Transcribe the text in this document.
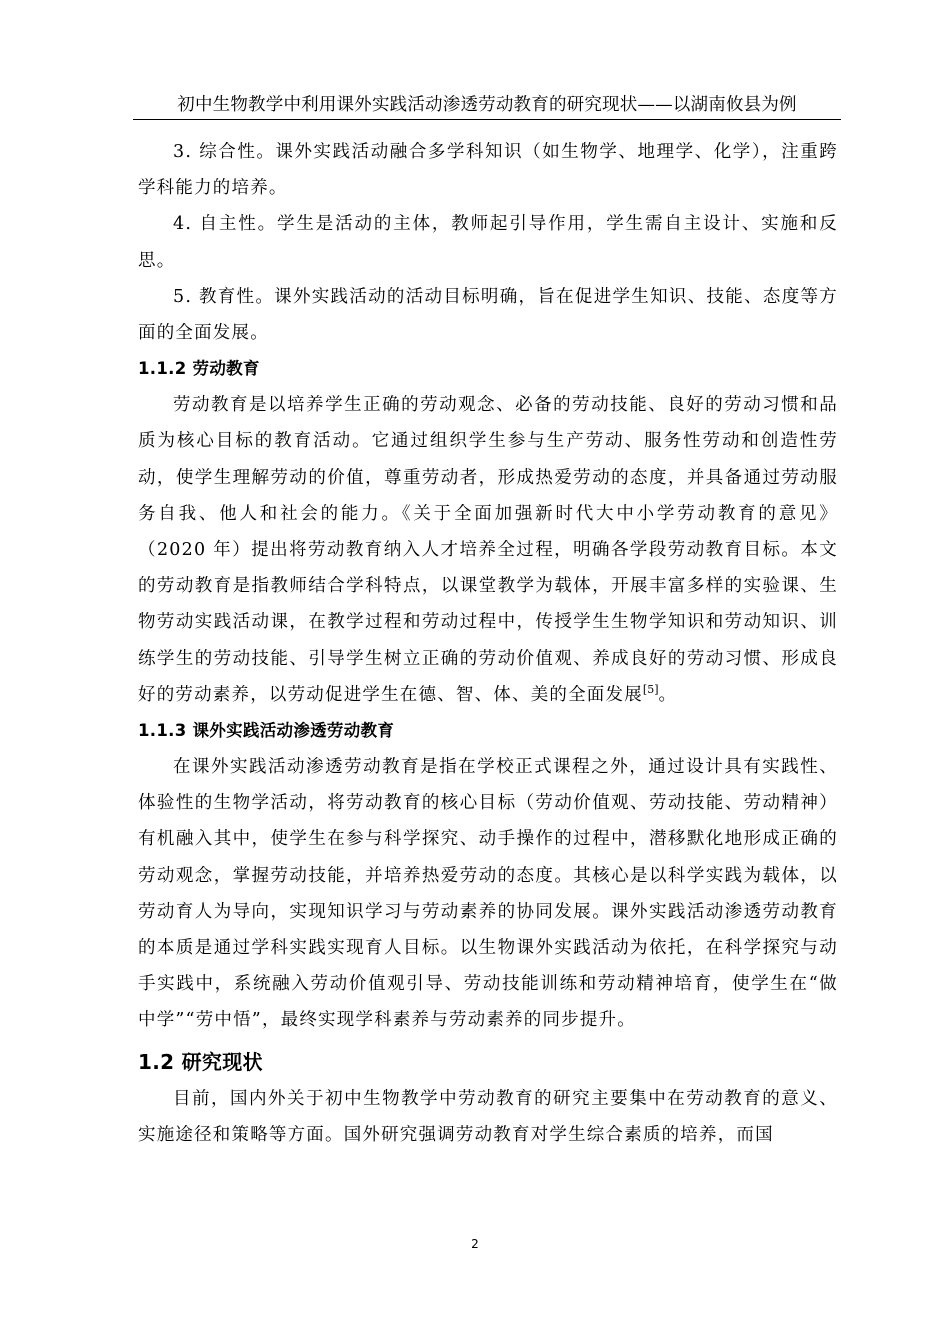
初中生物教学中利用课外实践活动渗透劳动教育的研究现状——以湖南攸县为例

3. 综合性。课外实践活动融合多学科知识（如生物学、地理学、化学），注重跨学科能力的培养。

4. 自主性。学生是活动的主体，教师起引导作用，学生需自主设计、实施和反思。

5. 教育性。课外实践活动的活动目标明确，旨在促进学生知识、技能、态度等方面的全面发展。

1.1.2 劳动教育

劳动教育是以培养学生正确的劳动观念、必备的劳动技能、良好的劳动习惯和品质为核心目标的教育活动。它通过组织学生参与生产劳动、服务性劳动和创造性劳动，使学生理解劳动的价值，尊重劳动者，形成热爱劳动的态度，并具备通过劳动服务自我、他人和社会的能力。《关于全面加强新时代大中小学劳动教育的意见》（2020 年）提出将劳动教育纳入人才培养全过程，明确各学段劳动教育目标。本文的劳动教育是指教师结合学科特点，以课堂教学为载体，开展丰富多样的实验课、生物劳动实践活动课，在教学过程和劳动过程中，传授学生生物学知识和劳动知识、训练学生的劳动技能、引导学生树立正确的劳动价值观、养成良好的劳动习惯、形成良好的劳动素养，以劳动促进学生在德、智、体、美的全面发展[5]。

1.1.3 课外实践活动渗透劳动教育

在课外实践活动渗透劳动教育是指在学校正式课程之外，通过设计具有实践性、体验性的生物学活动，将劳动教育的核心目标（劳动价值观、劳动技能、劳动精神）有机融入其中，使学生在参与科学探究、动手操作的过程中，潜移默化地形成正确的劳动观念，掌握劳动技能，并培养热爱劳动的态度。其核心是以科学实践为载体，以劳动育人为导向，实现知识学习与劳动素养的协同发展。课外实践活动渗透劳动教育的本质是通过学科实践实现育人目标。以生物课外实践活动为依托，在科学探究与动手实践中，系统融入劳动价值观引导、劳动技能训练和劳动精神培育，使学生在“做中学”“劳中悟”，最终实现学科素养与劳动素养的同步提升。

1.2 研究现状

目前，国内外关于初中生物教学中劳动教育的研究主要集中在劳动教育的意义、实施途径和策略等方面。国外研究强调劳动教育对学生综合素质的培养，而国

2
